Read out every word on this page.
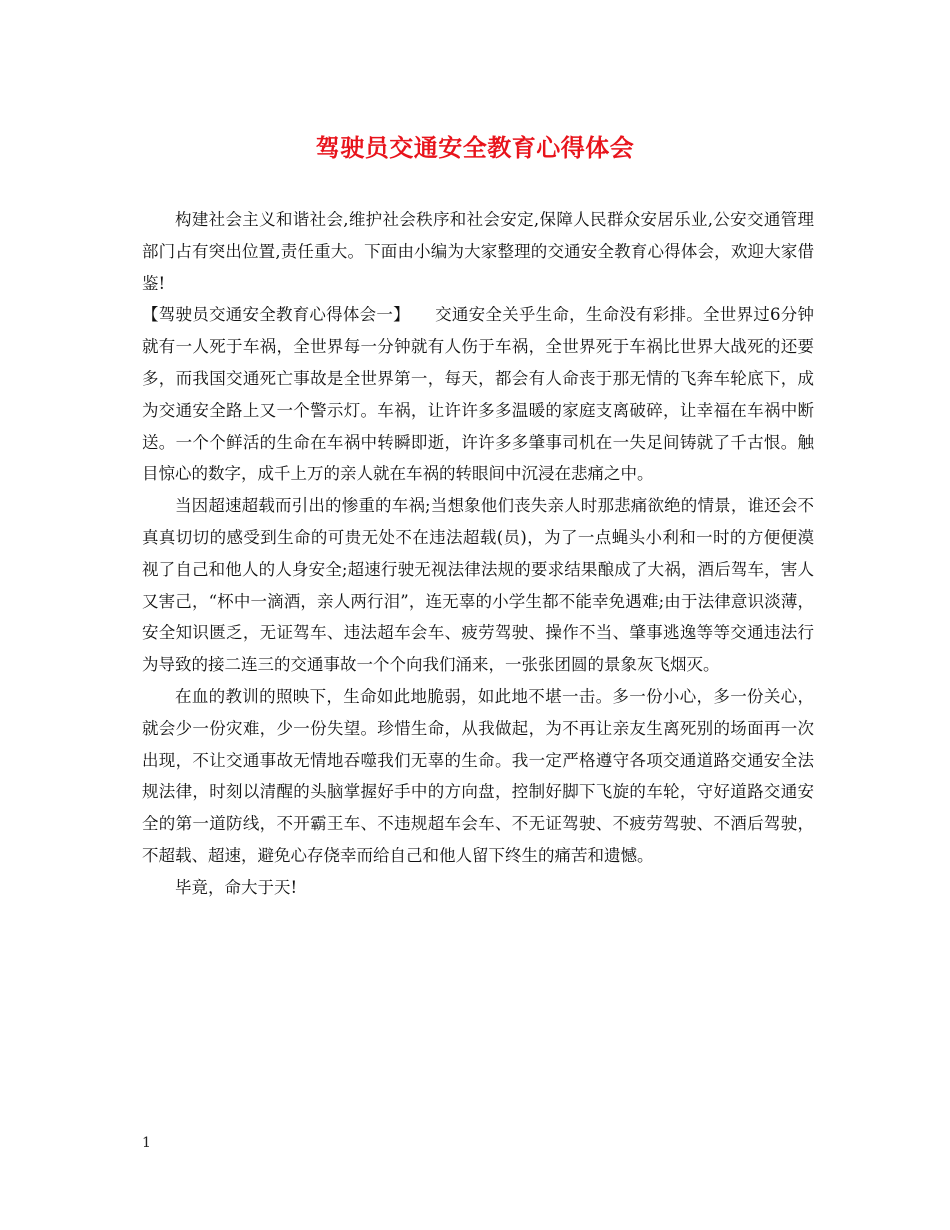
驾驶员交通安全教育心得体会

构建社会主义和谐社会,维护社会秩序和社会安定,保障人民群众安居乐业,公安交通管理部门占有突出位置,责任重大。下面由小编为大家整理的交通安全教育心得体会，欢迎大家借鉴!

【驾驶员交通安全教育心得体会一】　　交通安全关乎生命，生命没有彩排。全世界过6分钟就有一人死于车祸，全世界每一分钟就有人伤于车祸，全世界死于车祸比世界大战死的还要多，而我国交通死亡事故是全世界第一，每天，都会有人命丧于那无情的飞奔车轮底下，成为交通安全路上又一个警示灯。车祸，让许许多多温暖的家庭支离破碎，让幸福在车祸中断送。一个个鲜活的生命在车祸中转瞬即逝，许许多多肇事司机在一失足间铸就了千古恨。触目惊心的数字，成千上万的亲人就在车祸的转眼间中沉浸在悲痛之中。

当因超速超载而引出的惨重的车祸;当想象他们丧失亲人时那悲痛欲绝的情景，谁还会不真真切切的感受到生命的可贵无处不在违法超载(员)，为了一点蝇头小利和一时的方便便漠视了自己和他人的人身安全;超速行驶无视法律法规的要求结果酿成了大祸，酒后驾车，害人又害己，“杯中一滴酒，亲人两行泪”，连无辜的小学生都不能幸免遇难;由于法律意识淡薄，安全知识匮乏，无证驾车、违法超车会车、疲劳驾驶、操作不当、肇事逃逸等等交通违法行为导致的接二连三的交通事故一个个向我们涌来，一张张团圆的景象灰飞烟灭。

在血的教训的照映下，生命如此地脆弱，如此地不堪一击。多一份小心，多一份关心，就会少一份灾难，少一份失望。珍惜生命，从我做起，为不再让亲友生离死别的场面再一次出现，不让交通事故无情地吞噬我们无辜的生命。我一定严格遵守各项交通道路交通安全法规法律，时刻以清醒的头脑掌握好手中的方向盘，控制好脚下飞旋的车轮，守好道路交通安全的第一道防线，不开霸王车、不违规超车会车、不无证驾驶、不疲劳驾驶、不酒后驾驶，不超载、超速，避免心存侥幸而给自己和他人留下终生的痛苦和遗憾。

毕竟，命大于天!

1
